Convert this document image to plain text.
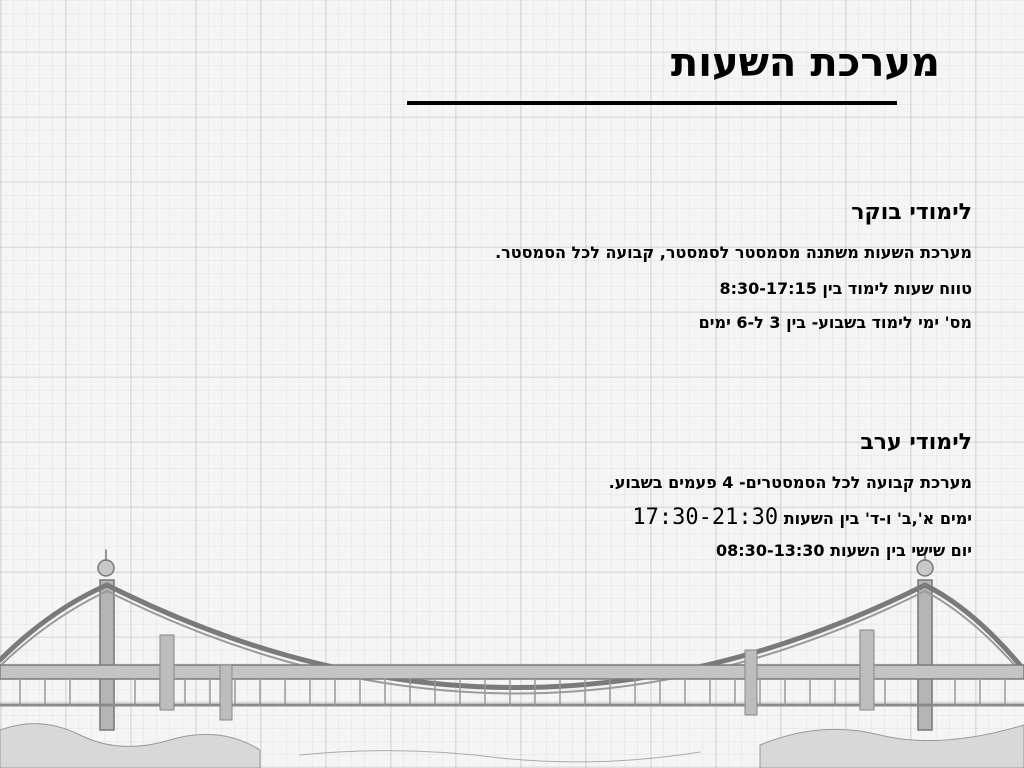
מערכת השעות

לימודי בוקר

מערכת השעות משתנה מסמסטר לסמסטר, קבועה לכל הסמסטר.

טווח שעות לימוד בין 8:30-17:15

מס' ימי לימוד בשבוע- בין 3 ל-6 ימים

לימודי ערב

מערכת קבועה לכל הסמסטרים- 4 פעמים בשבוע.

ימים א',ב' ו-ד' בין השעות 17:30-21:30

יום שישי בין השעות 08:30-13:30
